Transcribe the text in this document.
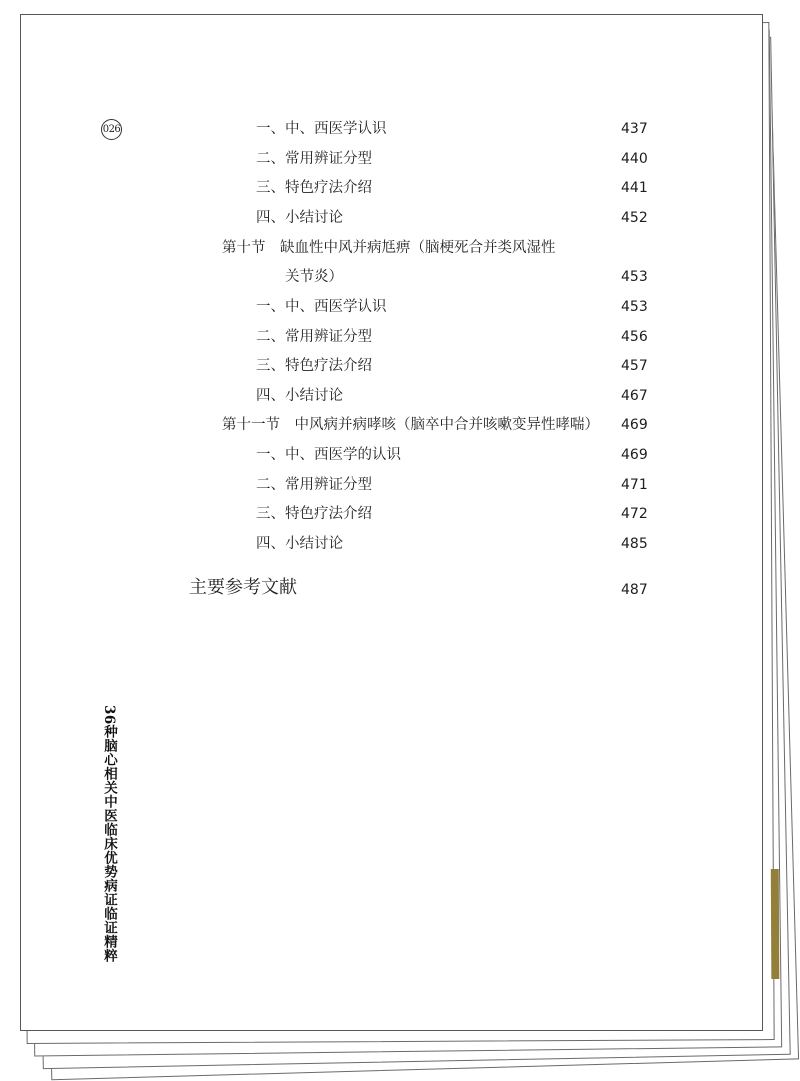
026	一、中、西医学认识	437
二、常用辨证分型	440
三、特色疗法介绍	441
四、小结讨论	452
第十节　缺血性中风并病尪痹（脑梗死合并类风湿性
关节炎）	453
一、中、西医学认识	453
二、常用辨证分型	456
三、特色疗法介绍	457
四、小结讨论	467
第十一节　中风病并病哮咳（脑卒中合并咳嗽变异性哮喘） 469
一、中、西医学的认识	469
二、常用辨证分型	471
三、特色疗法介绍	472
四、小结讨论	485
主要参考文献	487
36种脑心相关中医临床优势病证临证精粹
